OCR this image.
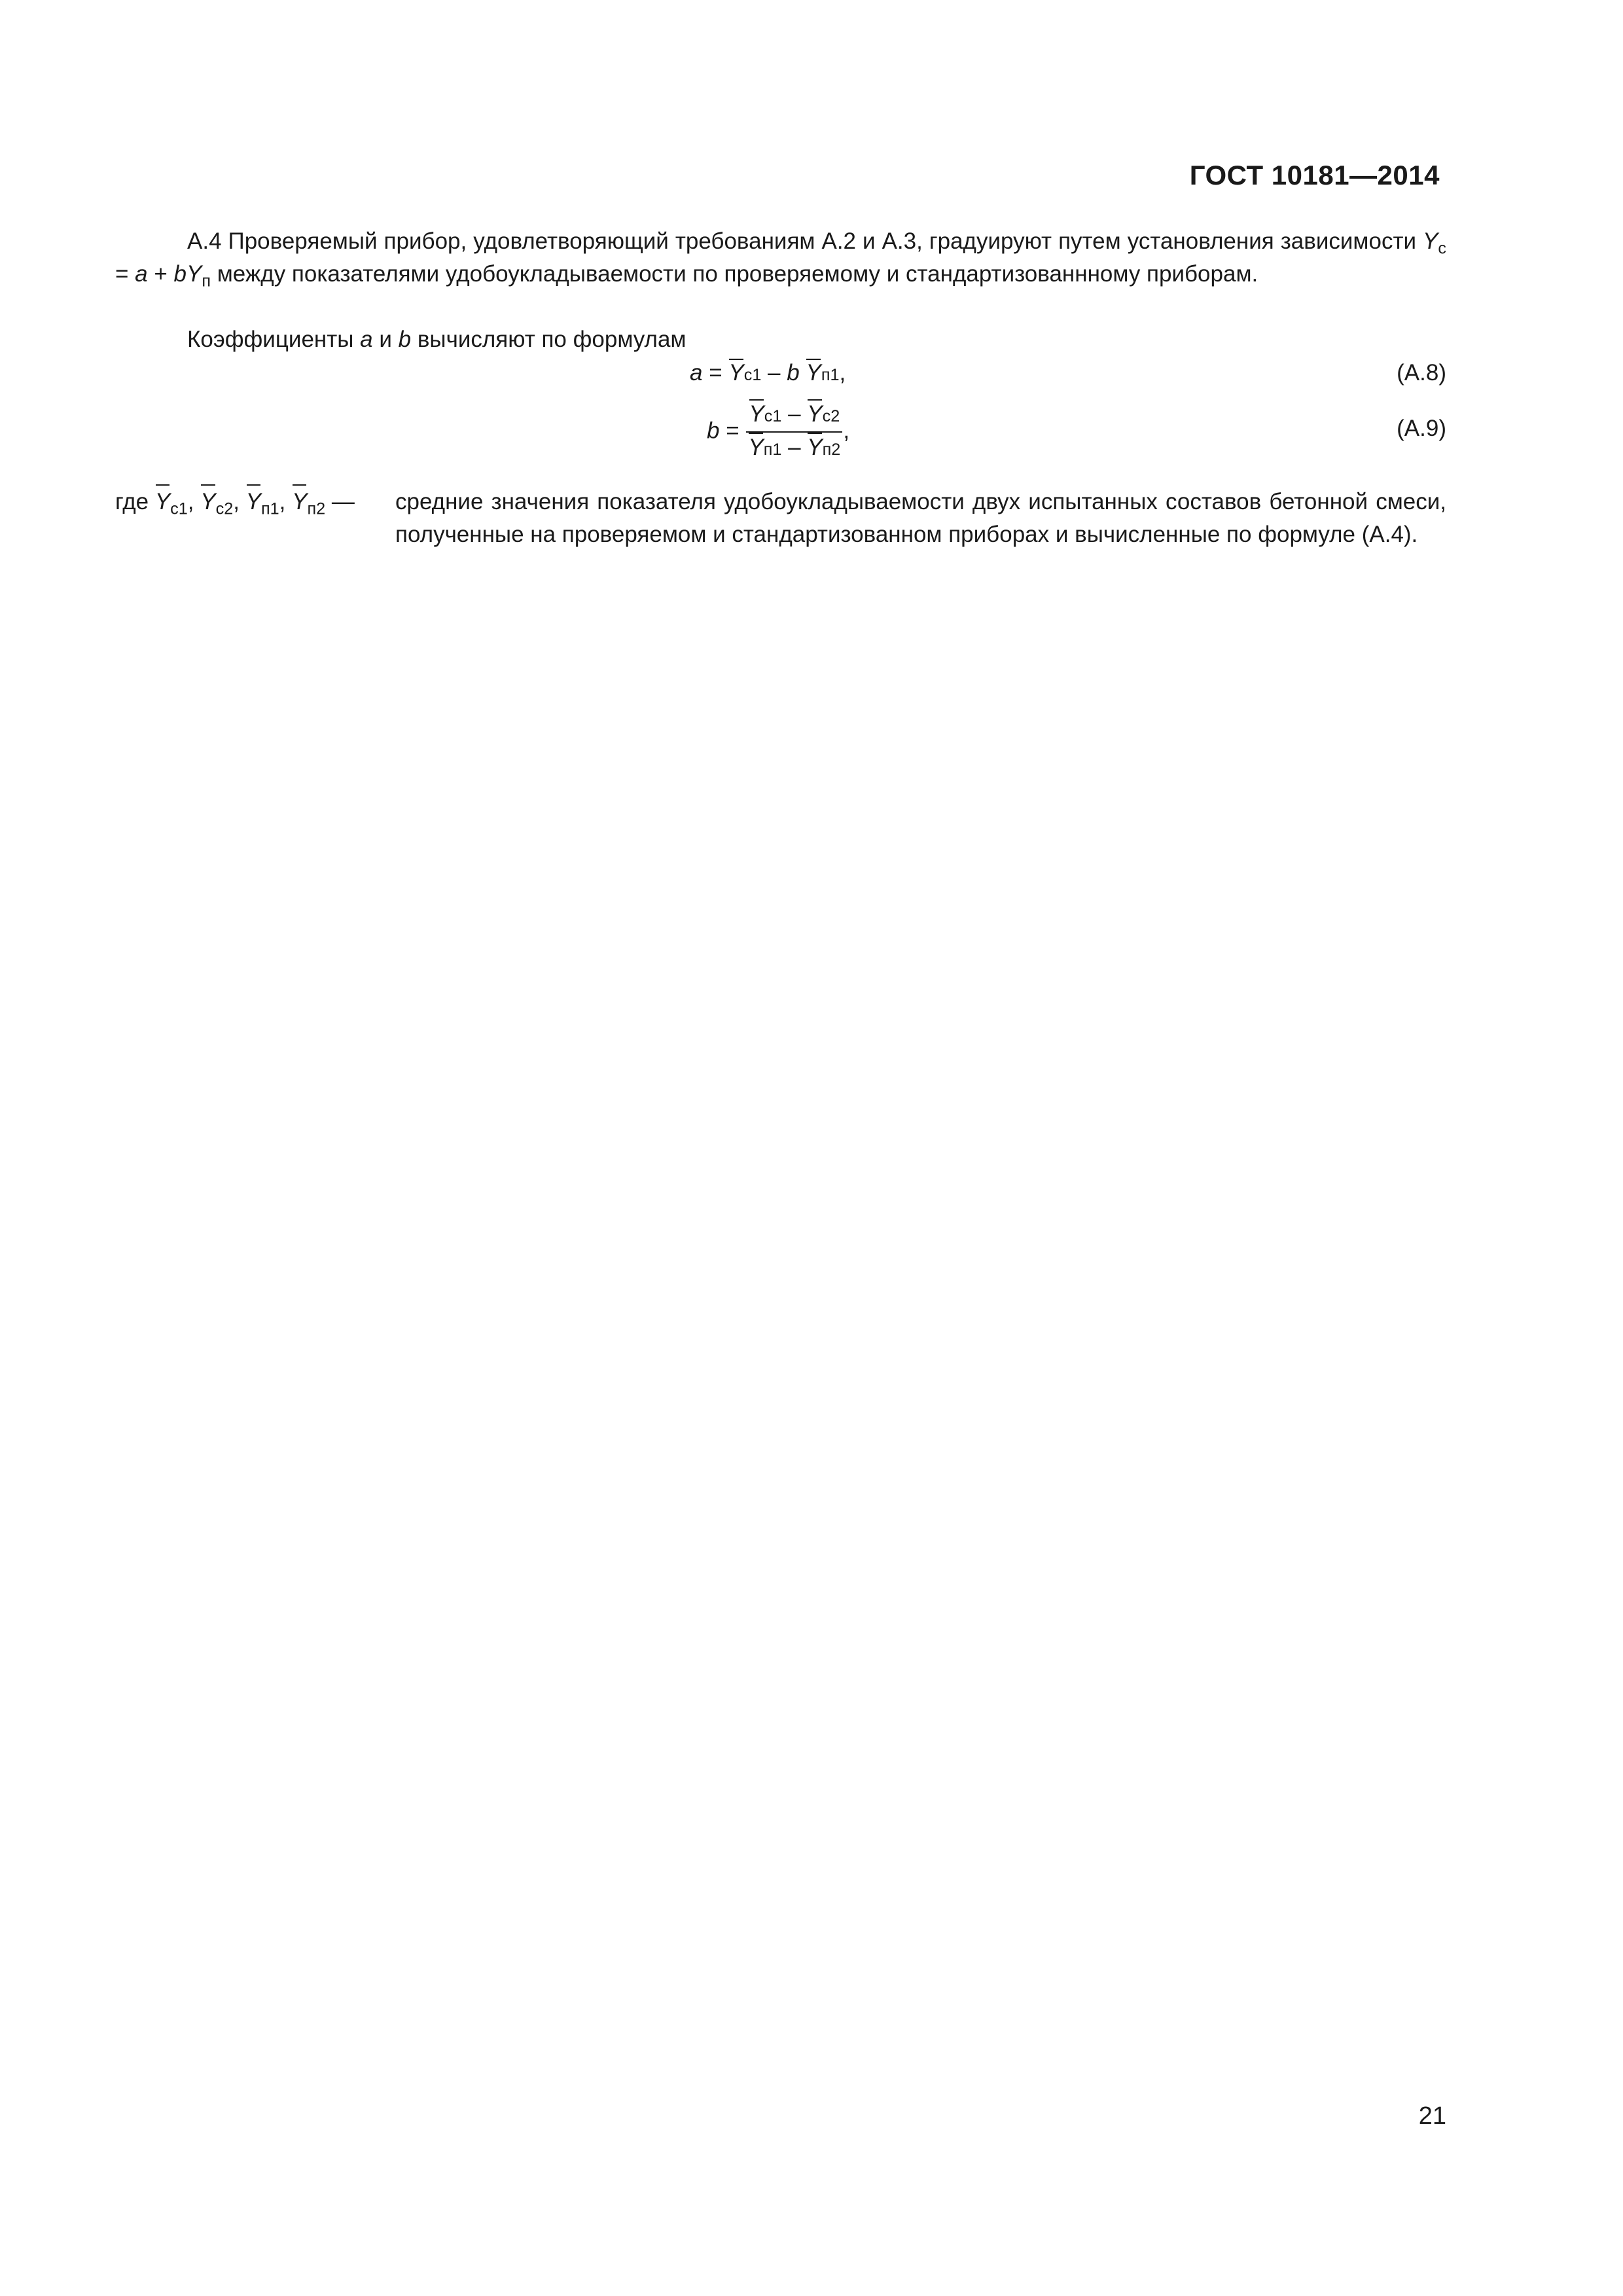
ГОСТ 10181—2014
А.4 Проверяемый прибор, удовлетворяющий требованиям А.2 и А.3, градуируют путем установления зависимости $Y_с = a + bY_п$ между показателями удобоукладываемости по проверяемому и стандартизованнному приборам.
Коэффициенты a и b вычисляют по формулам
a = Yс1 – b Yп1,	(А.8)
$b = \frac{Yс1 - Yс2}{Yп1 - Yп2}$ ,	(А.9)
где $Y_{с1}$, $Y_{с2}$, $Y_{п1}$, $Y_{п2}$ — средние значения показателя удобоукладываемости двух испытанных составов бетонной смеси, полученные на проверяемом и стандартизованном приборах и вычисленные по формуле (А.4).
21
